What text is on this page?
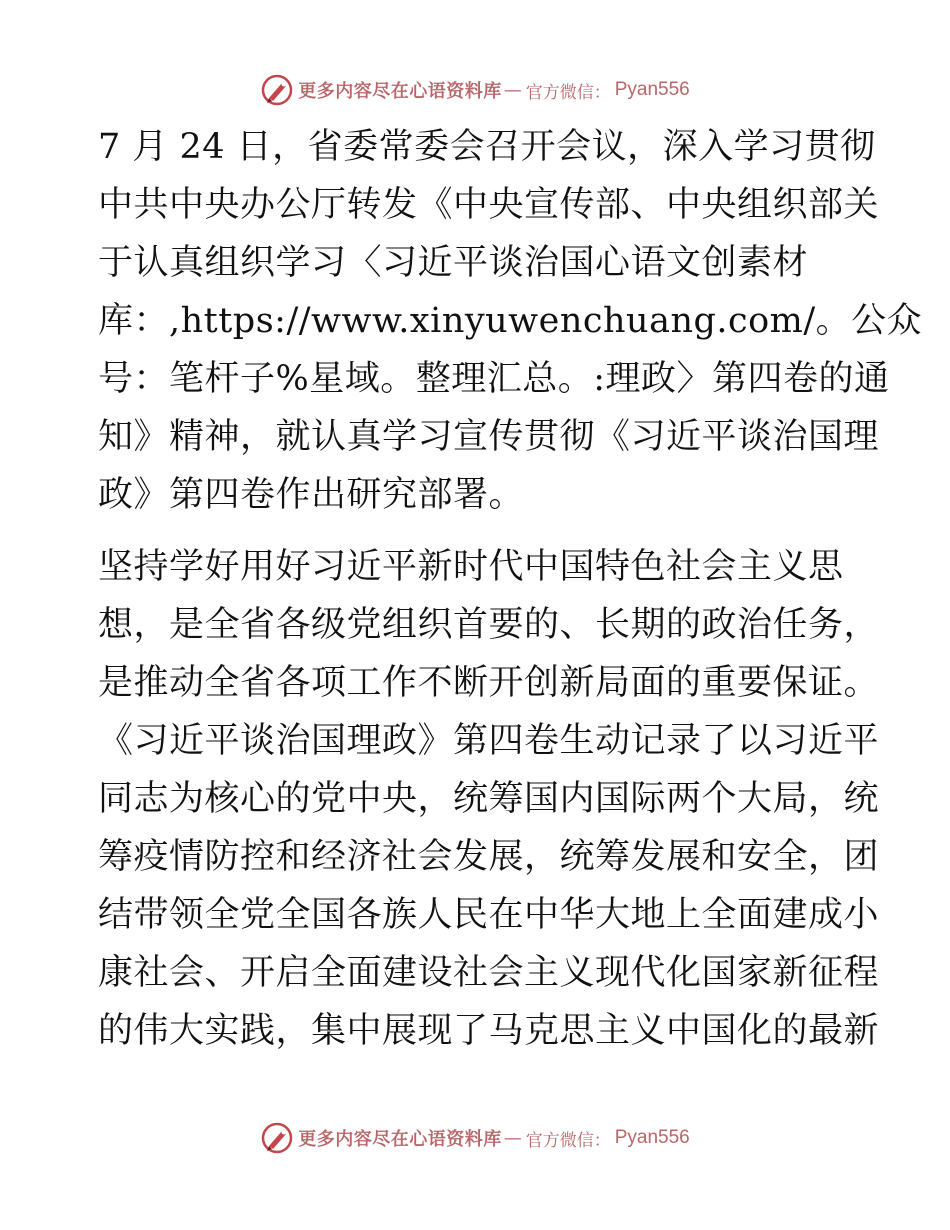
更多内容尽在心语资料库 — 官方微信： Pyan556
7 月 24 日，省委常委会召开会议，深入学习贯彻
中共中央办公厅转发《中央宣传部、中央组织部关
于认真组织学习〈习近平谈治国心语文创素材
库：,https://www.xinyuwenchuang.com/。公众
号：笔杆子%星域。整理汇总。:理政〉第四卷的通
知》精神，就认真学习宣传贯彻《习近平谈治国理
政》第四卷作出研究部署。
坚持学好用好习近平新时代中国特色社会主义思
想，是全省各级党组织首要的、长期的政治任务，
是推动全省各项工作不断开创新局面的重要保证。
《习近平谈治国理政》第四卷生动记录了以习近平
同志为核心的党中央，统筹国内国际两个大局，统
筹疫情防控和经济社会发展，统筹发展和安全，团
结带领全党全国各族人民在中华大地上全面建成小
康社会、开启全面建设社会主义现代化国家新征程
的伟大实践，集中展现了马克思主义中国化的最新
更多内容尽在心语资料库 — 官方微信： Pyan556
